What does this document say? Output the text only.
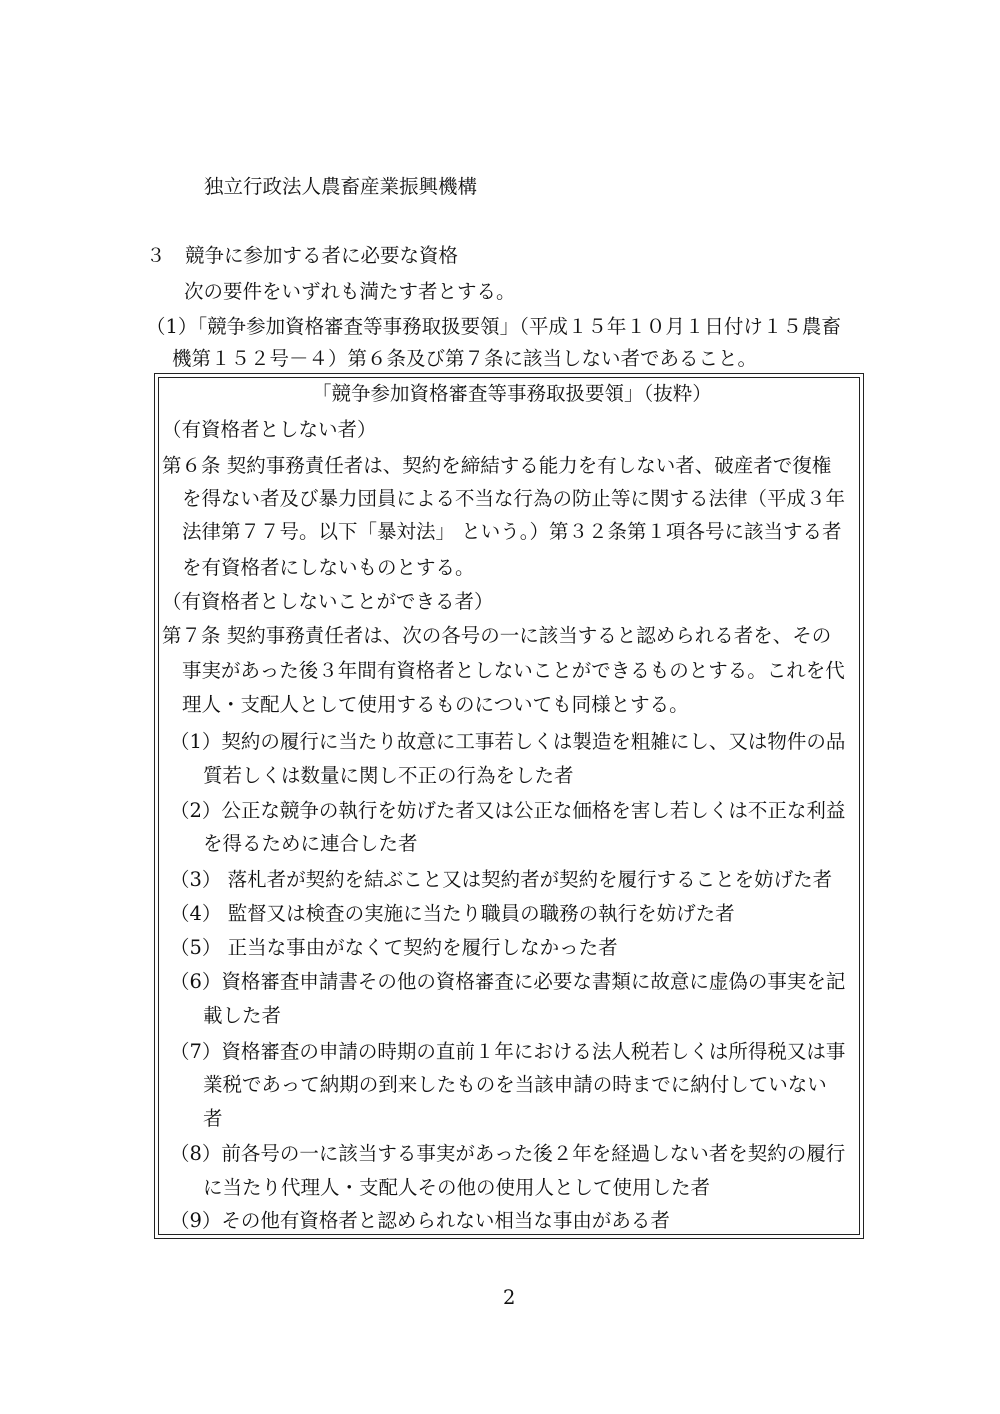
独立行政法人農畜産業振興機構
３　競争に参加する者に必要な資格
次の要件をいずれも満たす者とする。
（1）「競争参加資格審査等事務取扱要領」（平成１５年１０月１日付け１５農畜
機第１５２号－４）第６条及び第７条に該当しない者であること。
「競争参加資格審査等事務取扱要領」（抜粋）
（有資格者としない者）
第６条 契約事務責任者は、契約を締結する能力を有しない者、破産者で復権
を得ない者及び暴力団員による不当な行為の防止等に関する法律（平成３年
法律第７７号。以下「暴対法」 という。）第３２条第１項各号に該当する者
を有資格者にしないものとする。
（有資格者としないことができる者）
第７条 契約事務責任者は、次の各号の一に該当すると認められる者を、その
事実があった後３年間有資格者としないことができるものとする。これを代
理人・支配人として使用するものについても同様とする。
（1）契約の履行に当たり故意に工事若しくは製造を粗雑にし、又は物件の品
質若しくは数量に関し不正の行為をした者
（2）公正な競争の執行を妨げた者又は公正な価格を害し若しくは不正な利益
を得るために連合した者
（3） 落札者が契約を結ぶこと又は契約者が契約を履行することを妨げた者
（4） 監督又は検査の実施に当たり職員の職務の執行を妨げた者
（5） 正当な事由がなくて契約を履行しなかった者
（6）資格審査申請書その他の資格審査に必要な書類に故意に虚偽の事実を記
載した者
（7）資格審査の申請の時期の直前１年における法人税若しくは所得税又は事
業税であって納期の到来したものを当該申請の時までに納付していない
者
（8）前各号の一に該当する事実があった後２年を経過しない者を契約の履行
に当たり代理人・支配人その他の使用人として使用した者
（9）その他有資格者と認められない相当な事由がある者
2
